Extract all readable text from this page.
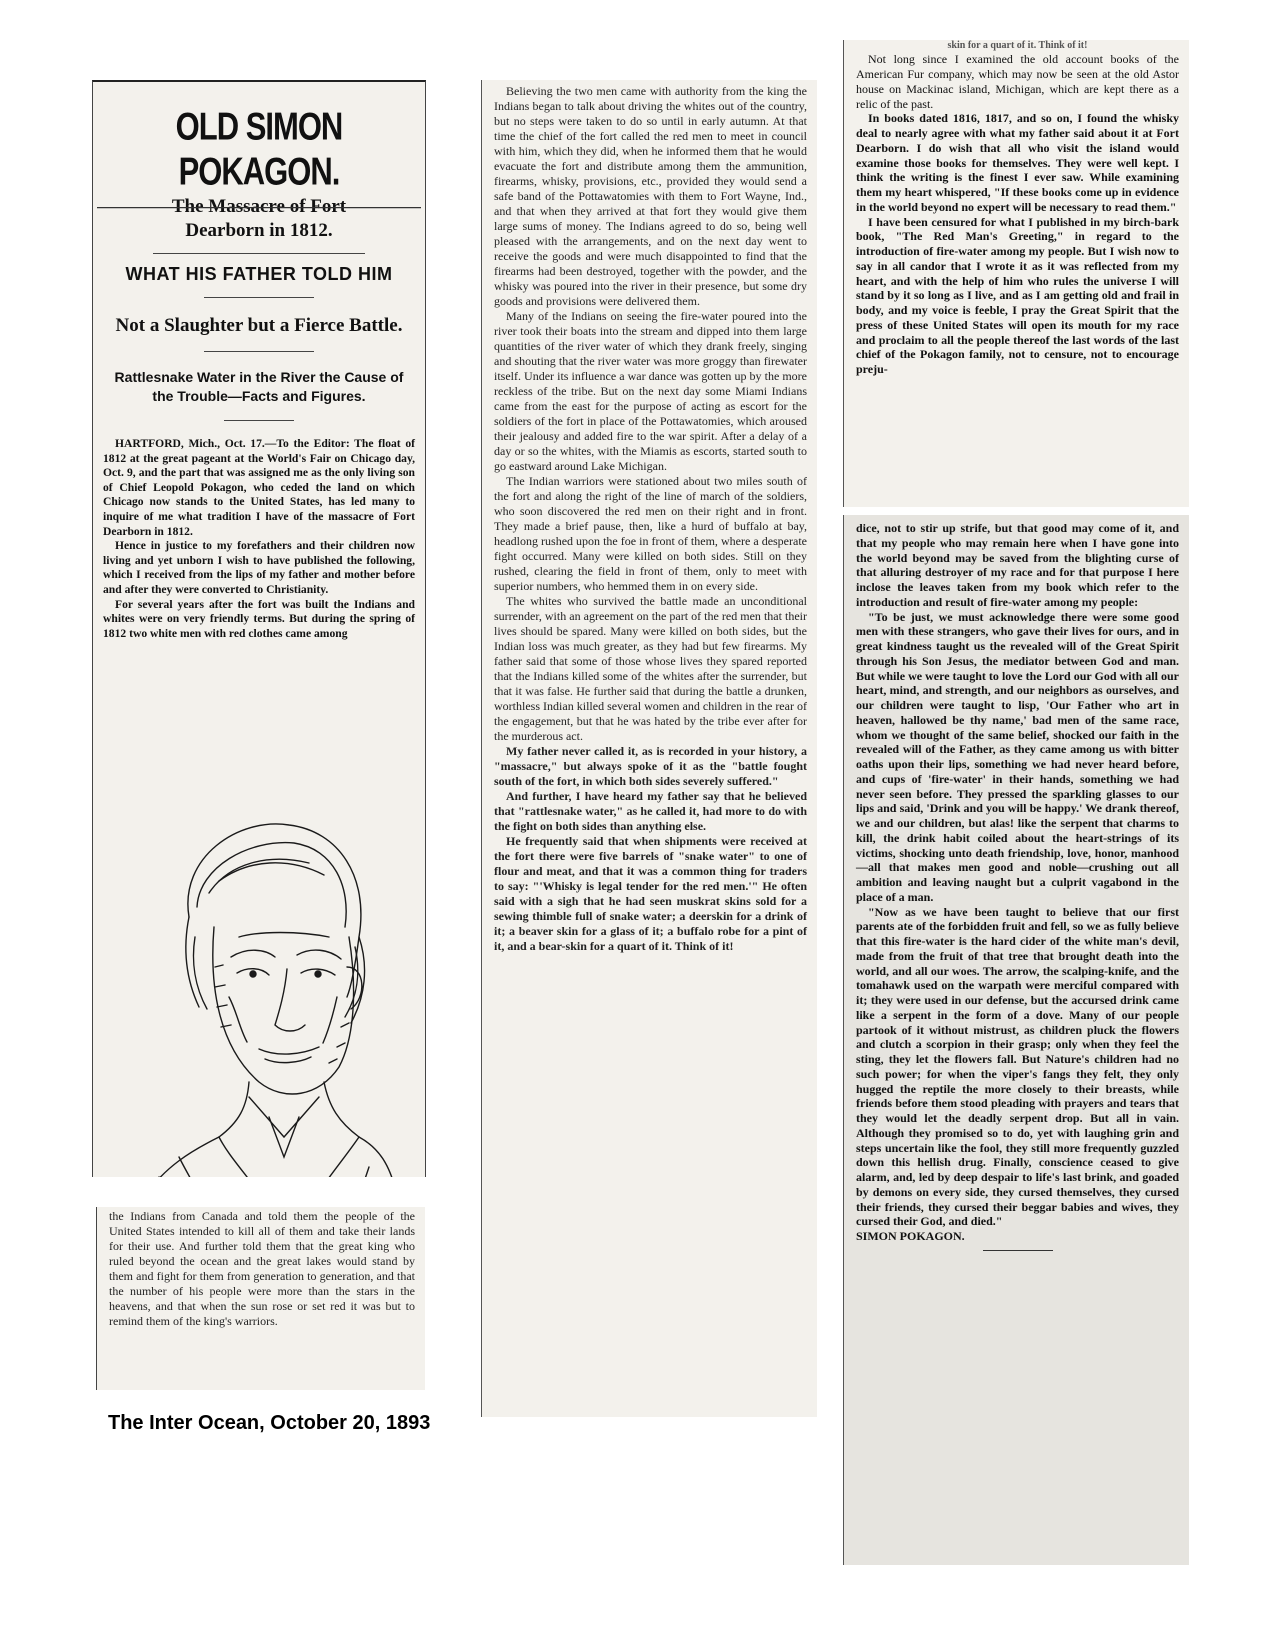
OLD SIMON POKAGON.
The Massacre of Fort Dearborn in 1812.
WHAT HIS FATHER TOLD HIM
Not a Slaughter but a Fierce Battle.
Rattlesnake Water in the River the Cause of the Trouble—Facts and Figures.

HARTFORD, Mich., Oct. 17.—To the Editor: The float of 1812 at the great pageant at the World's Fair on Chicago day, Oct. 9, and the part that was assigned me as the only living son of Chief Leopold Pokagon, who ceded the land on which Chicago now stands to the United States, has led many to inquire of me what tradition I have of the massacre of Fort Dearborn in 1812.

Hence in justice to my forefathers and their children now living and yet unborn I wish to have published the following, which I received from the lips of my father and mother before and after they were converted to Christianity.

For several years after the fort was built the Indians and whites were on very friendly terms. But during the spring of 1812 two white men with red clothes came among

the Indians from Canada and told them the people of the United States intended to kill all of them and take their lands for their use. And further told them that the great king who ruled beyond the ocean and the great lakes would stand by them and fight for them from generation to generation, and that the number of his people were more than the stars in the heavens, and that when the sun rose or set red it was but to remind them of the king's warriors.

Believing the two men came with authority from the king the Indians began to talk about driving the whites out of the country, but no steps were taken to do so until in early autumn. At that time the chief of the fort called the red men to meet in council with him, which they did, when he informed them that he would evacuate the fort and distribute among them the ammunition, firearms, whisky, provisions, etc., provided they would send a safe band of the Pottawatomies with them to Fort Wayne, Ind., and that when they arrived at that fort they would give them large sums of money. The Indians agreed to do so, being well pleased with the arrangements, and on the next day went to receive the goods and were much disappointed to find that the firearms had been destroyed, together with the powder, and the whisky was poured into the river in their presence, but some dry goods and provisions were delivered them.

Many of the Indians on seeing the fire-water poured into the river took their boats into the stream and dipped into them large quantities of the river water of which they drank freely, singing and shouting that the river water was more groggy than firewater itself. Under its influence a war dance was gotten up by the more reckless of the tribe. But on the next day some Miami Indians came from the east for the purpose of acting as escort for the soldiers of the fort in place of the Pottawatomies, which aroused their jealousy and added fire to the war spirit. After a delay of a day or so the whites, with the Miamis as escorts, started south to go eastward around Lake Michigan.

The Indian warriors were stationed about two miles south of the fort and along the right of the line of march of the soldiers, who soon discovered the red men on their right and in front. They made a brief pause, then, like a hurd of buffalo at bay, headlong rushed upon the foe in front of them, where a desperate fight occurred. Many were killed on both sides. Still on they rushed, clearing the field in front of them, only to meet with superior numbers, who hemmed them in on every side.

The whites who survived the battle made an unconditional surrender, with an agreement on the part of the red men that their lives should be spared. Many were killed on both sides, but the Indian loss was much greater, as they had but few firearms. My father said that some of those whose lives they spared reported that the Indians killed some of the whites after the surrender, but that it was false. He further said that during the battle a drunken, worthless Indian killed several women and children in the rear of the engagement, but that he was hated by the tribe ever after for the murderous act.

My father never called it, as is recorded in your history, a "massacre," but always spoke of it as the "battle fought south of the fort, in which both sides severely suffered."

And further, I have heard my father say that he believed that "rattlesnake water," as he called it, had more to do with the fight on both sides than anything else.

He frequently said that when shipments were received at the fort there were five barrels of "snake water" to one of flour and meat, and that it was a common thing for traders to say: "'Whisky is legal tender for the red men.'" He often said with a sigh that he had seen muskrat skins sold for a sewing thimble full of snake water; a deerskin for a drink of it; a beaver skin for a glass of it; a buffalo robe for a pint of it, and a bear-skin for a quart of it. Think of it!

skin for a quart of it. Think of it!

Not long since I examined the old account books of the American Fur company, which may now be seen at the old Astor house on Mackinac island, Michigan, which are kept there as a relic of the past.

In books dated 1816, 1817, and so on, I found the whisky deal to nearly agree with what my father said about it at Fort Dearborn. I do wish that all who visit the island would examine those books for themselves. They were well kept. I think the writing is the finest I ever saw. While examining them my heart whispered, "If these books come up in evidence in the world beyond no expert will be necessary to read them."

I have been censured for what I published in my birch-bark book, "The Red Man's Greeting," in regard to the introduction of fire-water among my people. But I wish now to say in all candor that I wrote it as it was reflected from my heart, and with the help of him who rules the universe I will stand by it so long as I live, and as I am getting old and frail in body, and my voice is feeble, I pray the Great Spirit that the press of these United States will open its mouth for my race and proclaim to all the people thereof the last words of the last chief of the Pokagon family, not to censure, not to encourage preju-

dice, not to stir up strife, but that good may come of it, and that my people who may remain here when I have gone into the world beyond may be saved from the blighting curse of that alluring destroyer of my race and for that purpose I here inclose the leaves taken from my book which refer to the introduction and result of fire-water among my people:

"To be just, we must acknowledge there were some good men with these strangers, who gave their lives for ours, and in great kindness taught us the revealed will of the Great Spirit through his Son Jesus, the mediator between God and man. But while we were taught to love the Lord our God with all our heart, mind, and strength, and our neighbors as ourselves, and our children were taught to lisp, 'Our Father who art in heaven, hallowed be thy name,' bad men of the same race, whom we thought of the same belief, shocked our faith in the revealed will of the Father, as they came among us with bitter oaths upon their lips, something we had never heard before, and cups of 'fire-water' in their hands, something we had never seen before. They pressed the sparkling glasses to our lips and said, 'Drink and you will be happy.' We drank thereof, we and our children, but alas! like the serpent that charms to kill, the drink habit coiled about the heart-strings of its victims, shocking unto death friendship, love, honor, manhood—all that makes men good and noble—crushing out all ambition and leaving naught but a culprit vagabond in the place of a man.

"Now as we have been taught to believe that our first parents ate of the forbidden fruit and fell, so we as fully believe that this fire-water is the hard cider of the white man's devil, made from the fruit of that tree that brought death into the world, and all our woes. The arrow, the scalping-knife, and the tomahawk used on the warpath were merciful compared with it; they were used in our defense, but the accursed drink came like a serpent in the form of a dove. Many of our people partook of it without mistrust, as children pluck the flowers and clutch a scorpion in their grasp; only when they feel the sting, they let the flowers fall. But Nature's children had no such power; for when the viper's fangs they felt, they only hugged the reptile the more closely to their breasts, while friends before them stood pleading with prayers and tears that they would let the deadly serpent drop. But all in vain. Although they promised so to do, yet with laughing grin and steps uncertain like the fool, they still more frequently guzzled down this hellish drug. Finally, conscience ceased to give alarm, and, led by deep despair to life's last brink, and goaded by demons on every side, they cursed themselves, they cursed their friends, they cursed their beggar babies and wives, they cursed their God, and died."

SIMON POKAGON.

The Inter Ocean, October 20, 1893
